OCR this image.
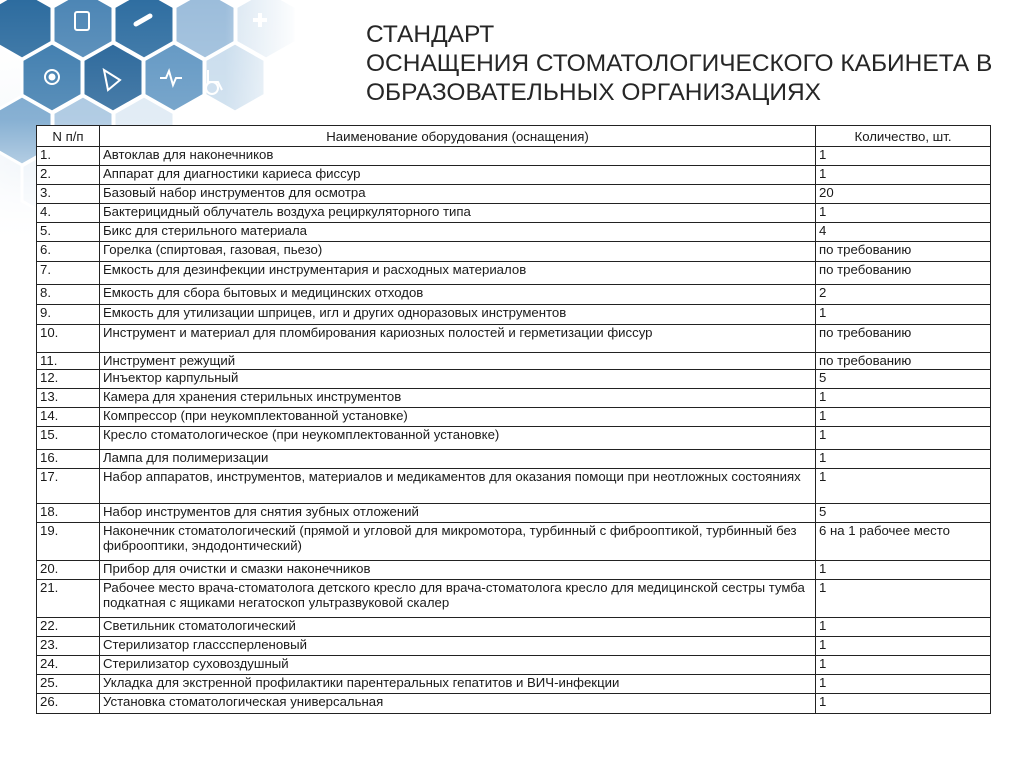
СТАНДАРТ
ОСНАЩЕНИЯ СТОМАТОЛОГИЧЕСКОГО КАБИНЕТА В
ОБРАЗОВАТЕЛЬНЫХ ОРГАНИЗАЦИЯХ
N п/п	Наименование оборудования (оснащения)	Количество, шт.
1.	Автоклав для наконечников	1
2.	Аппарат для диагностики кариеса фиссур	1
3.	Базовый набор инструментов для осмотра	20
4.	Бактерицидный облучатель воздуха рециркуляторного типа	1
5.	Бикс для стерильного материала	4
6.	Горелка (спиртовая, газовая, пьезо)	по требованию
7.	Емкость для дезинфекции инструментария и расходных материалов	по требованию
8.	Емкость для сбора бытовых и медицинских отходов	2
9.	Емкость для утилизации шприцев, игл и других одноразовых инструментов	1
10.	Инструмент и материал для пломбирования кариозных полостей и герметизации фиссур	по требованию
11.	Инструмент режущий	по требованию
12.	Инъектор карпульный	5
13.	Камера для хранения стерильных инструментов	1
14.	Компрессор (при неукомплектованной установке)	1
15.	Кресло стоматологическое (при неукомплектованной установке)	1
16.	Лампа для полимеризации	1
17.	Набор аппаратов, инструментов, материалов и медикаментов для оказания помощи при неотложных состояниях	1
18.	Набор инструментов для снятия зубных отложений	5
19.	Наконечник стоматологический (прямой и угловой для микромотора, турбинный с фиброоптикой, турбинный без фиброоптики, эндодонтический)	6 на 1 рабочее место
20.	Прибор для очистки и смазки наконечников	1
21.	Рабочее место врача-стоматолога детского кресло для врача-стоматолога кресло для медицинской сестры тумба подкатная с ящиками негатоскоп ультразвуковой скалер	1
22.	Светильник стоматологический	1
23.	Стерилизатор гласссперленовый	1
24.	Стерилизатор суховоздушный	1
25.	Укладка для экстренной профилактики парентеральных гепатитов и ВИЧ-инфекции	1
26.	Установка стоматологическая универсальная	1
